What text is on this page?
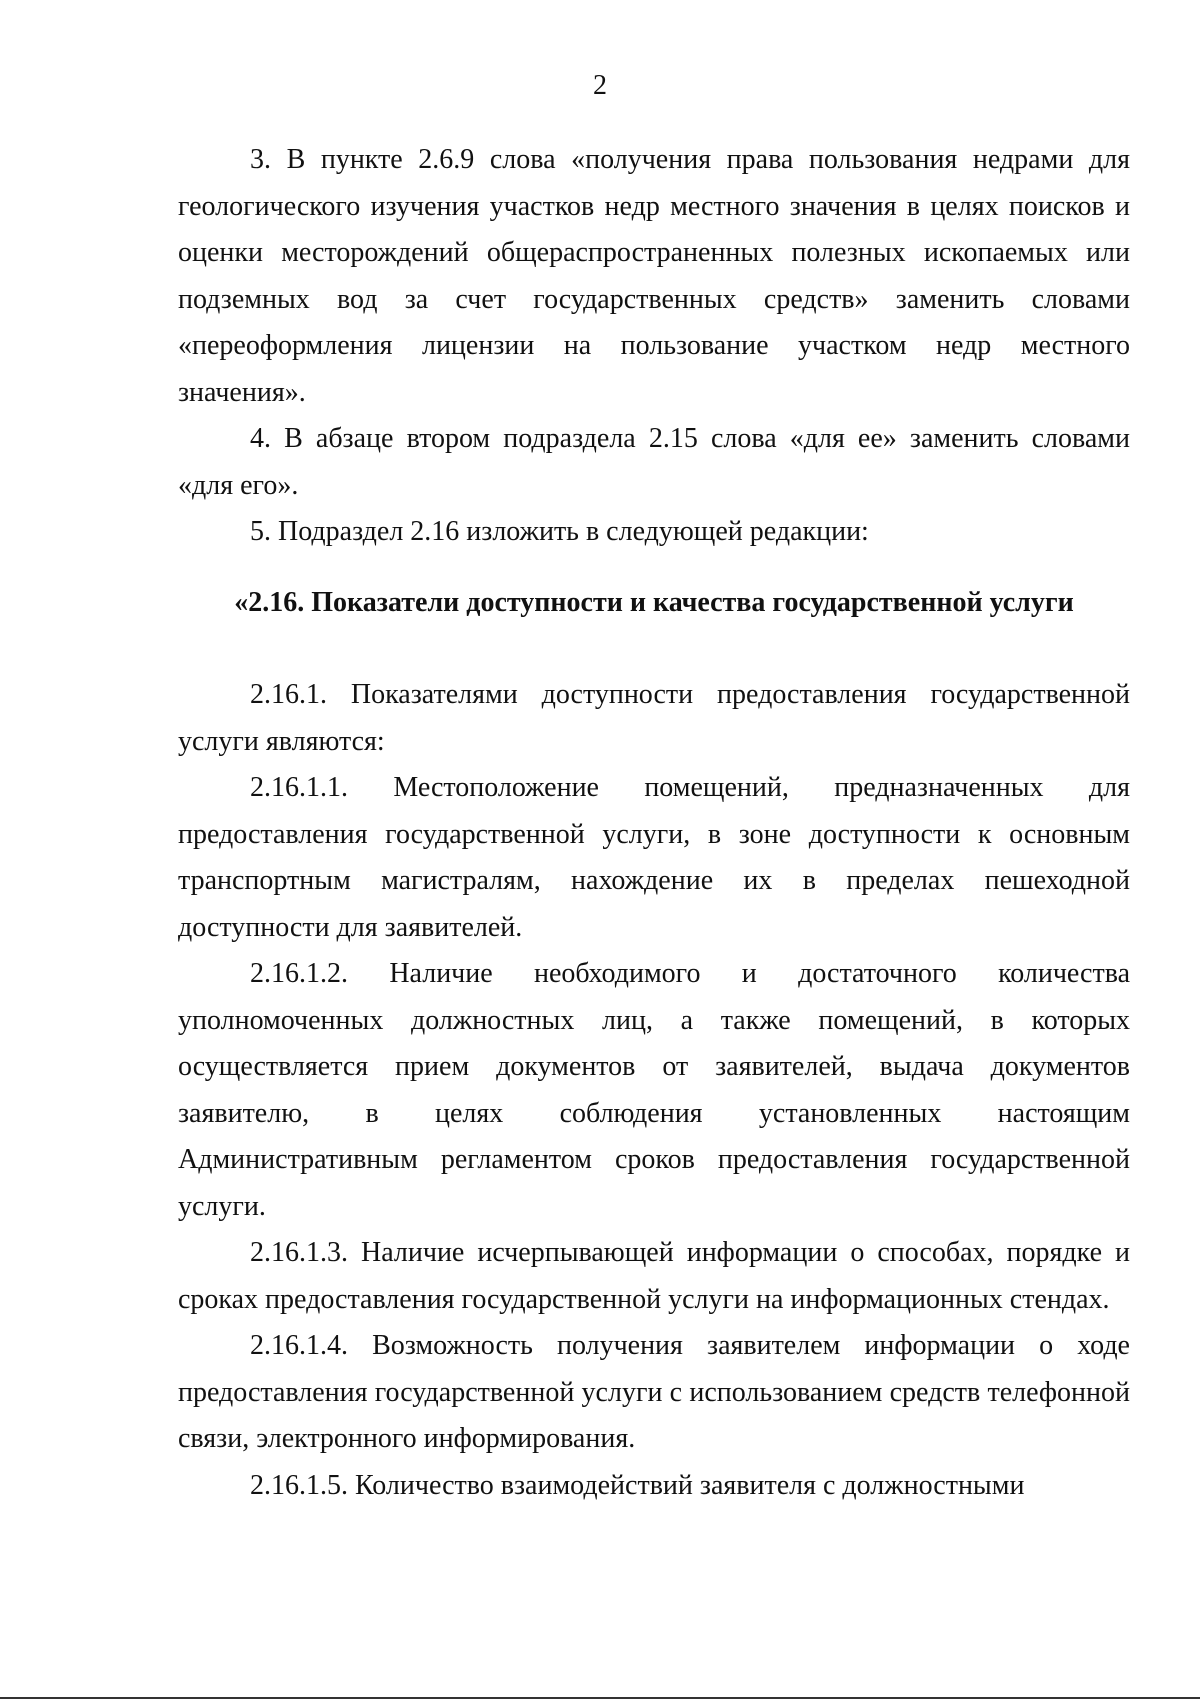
2

3. В пункте 2.6.9 слова «получения права пользования недрами для геологического изучения участков недр местного значения в целях поисков и оценки месторождений общераспространенных полезных ископаемых или подземных вод за счет государственных средств» заменить словами «переоформления лицензии на пользование участком недр местного значения».

4. В абзаце втором подраздела 2.15 слова «для ее» заменить словами «для его».

5. Подраздел 2.16 изложить в следующей редакции:

«2.16. Показатели доступности и качества государственной услуги

2.16.1. Показателями доступности предоставления государственной услуги являются:

2.16.1.1. Местоположение помещений, предназначенных для предоставления государственной услуги, в зоне доступности к основным транспортным магистралям, нахождение их в пределах пешеходной доступности для заявителей.

2.16.1.2. Наличие необходимого и достаточного количества уполномоченных должностных лиц, а также помещений, в которых осуществляется прием документов от заявителей, выдача документов заявителю, в целях соблюдения установленных настоящим Административным регламентом сроков предоставления государственной услуги.

2.16.1.3. Наличие исчерпывающей информации о способах, порядке и сроках предоставления государственной услуги на информационных стендах.

2.16.1.4. Возможность получения заявителем информации о ходе предоставления государственной услуги с использованием средств телефонной связи, электронного информирования.

2.16.1.5. Количество взаимодействий заявителя с должностными
